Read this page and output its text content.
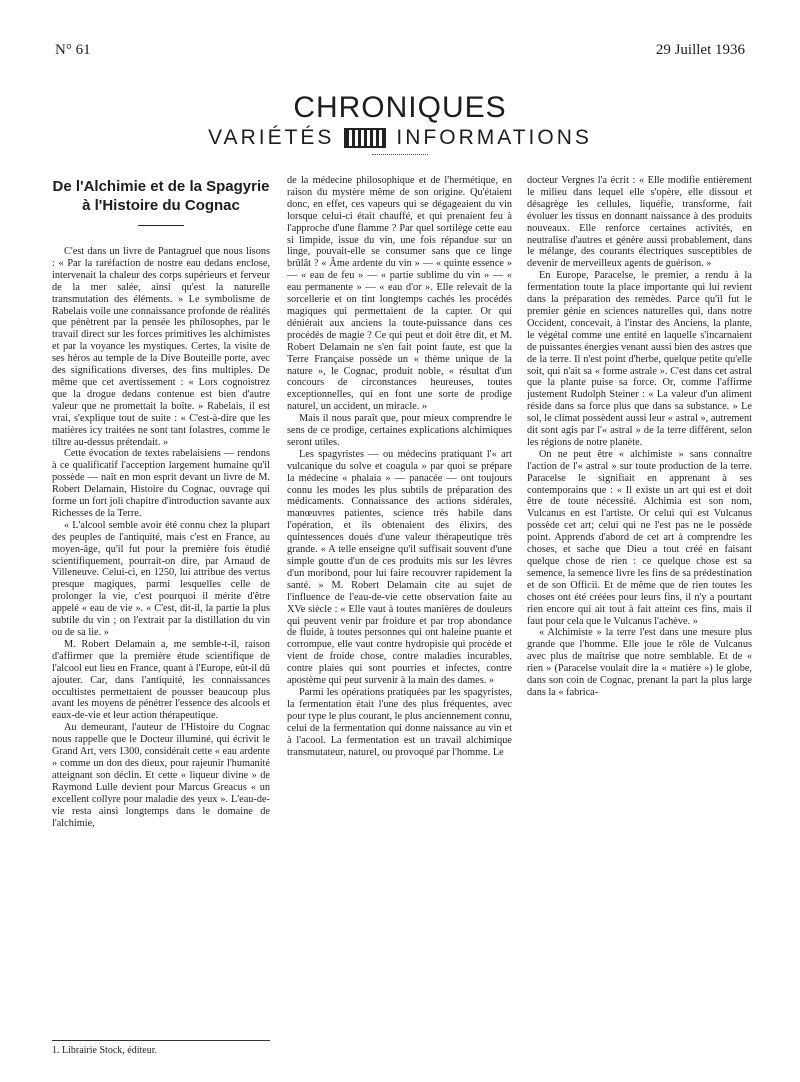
N° 61	29 Juillet 1936
CHRONIQUES
VARIÉTÉS	INFORMATIONS
De l'Alchimie et de la Spagyrie
à l'Histoire du Cognac

C'est dans un livre de Pantagruel que nous lisons : « Par la raréfaction de nostre eau dedans enclose, intervenait la chaleur des corps supérieurs et ferveur de la mer salée, ainsi qu'est la naturelle transmutation des éléments. » Le symbolisme de Rabelais voile une connaissance profonde de réalités que pénètrent par la pensée les philosophes, par le travail direct sur les forces primitives les alchimistes et par la voyance les mystiques. Certes, la visite de ses héros au temple de la Dive Bouteille porte, avec des significations diverses, des fins multiples. De même que cet avertissement : « Lors cognoistrez que la drogue dedans contenue est bien d'autre valeur que ne promettait la boîte. » Rabelais, il est vrai, s'explique tout de suite : « C'est-à-dire que les matières icy traitées ne sont tant folastres, comme le tiltre au-dessus prétendait. »

Cette évocation de textes rabelaisiens — rendons à ce qualificatif l'acception largement humaine qu'il possède — naît en mon esprit devant un livre de M. Robert Delamain, Histoire du Cognac, ouvrage qui forme un fort joli chapitre d'introduction savante aux Richesses de la Terre.

« L'alcool semble avoir été connu chez la plupart des peuples de l'antiquité, mais c'est en France, au moyen-âge, qu'il fut pour la première fois étudié scientifiquement, pourrait-on dire, par Arnaud de Villeneuve. Celui-ci, en 1250, lui attribue des vertus presque magiques, parmi lesquelles celle de prolonger la vie, c'est pourquoi il mérite d'être appelé « eau de vie ». « C'est, dit-il, la partie la plus subtile du vin ; on l'extrait par la distillation du vin ou de sa lie. »

M. Robert Delamain a, me semble-t-il, raison d'affirmer que la première étude scientifique de l'alcool eut lieu en France, quant à l'Europe, eût-il dû ajouter. Car, dans l'antiquité, les connaissances occultistes permettaient de pousser beaucoup plus avant les moyens de pénétrer l'essence des alcools et eaux-de-vie et leur action thérapeutique.

Au demeurant, l'auteur de l'Histoire du Cognac nous rappelle que le Docteur illuminé, qui écrivit le Grand Art, vers 1300, considérait cette « eau ardente » comme un don des dieux, pour rajeunir l'humanité atteignant son déclin. Et cette « liqueur divine » de Raymond Lulle devient pour Marcus Greacus « un excellent collyre pour maladie des yeux ». L'eau-de-vie resta ainsi longtemps dans le domaine de l'alchimie,

de la médecine philosophique et de l'hermétique, en raison du mystère même de son origine. Qu'étaient donc, en effet, ces vapeurs qui se dégageaient du vin lorsque celui-ci était chauffé, et qui prenaient feu à l'approche d'une flamme ? Par quel sortilège cette eau si limpide, issue du vin, une fois répandue sur un linge, pouvait-elle se consumer sans que ce linge brûlât ? « Âme ardente du vin » — « quinte essence » — « eau de feu » — « partie sublime du vin » — « eau permanente » — « eau d'or ». Elle relevait de la sorcellerie et on tint longtemps cachés les procédés magiques qui permettaient de la capter. Or qui déniérait aux anciens la toute-puissance dans ces procédés de magie ? Ce qui peut et doit être dit, et M. Robert Delamain ne s'en fait point faute, est que la Terre Française possède un « thème unique de la nature », le Cognac, produit noble, « résultat d'un concours de circonstances heureuses, toutes exceptionnelles, qui en font une sorte de prodige naturel, un accident, un miracle. »

Mais il nous paraît que, pour mieux comprendre le sens de ce prodige, certaines explications alchimiques seront utiles.

Les spagyristes — ou médecins pratiquant l'« art vulcanique du solve et coagula » par quoi se prépare la médecine « phalaia » — panacée — ont toujours connu les modes les plus subtils de préparation des médicaments. Connaissance des actions sidérales, manœuvres patientes, science très habile dans l'opération, et ils obtenaient des élixirs, des quintessences doués d'une valeur thérapeutique très grande. « A telle enseigne qu'il suffisait souvent d'une simple goutte d'un de ces produits mis sur les lèvres d'un moribond, pour lui faire recouvrer rapidement la santé. » M. Robert Delamain cite au sujet de l'influence de l'eau-de-vie cette observation faite au XVe siècle : « Elle vaut à toutes manières de douleurs qui peuvent venir par froidure et par trop abondance de fluide, à toutes personnes qui ont haleine puante et corrompue, elle vaut contre hydropisie qui procède et vient de froide chose, contre maladies incurables, contre plaies qui sont pourries et infectes, contre apostème qui peut survenir à la main des dames. »

Parmi les opérations pratiquées par les spagyristes, la fermentation était l'une des plus fréquentes, avec pour type le plus courant, le plus anciennement connu, celui de la fermentation qui donne naissance au vin et à l'acool. La fermentation est un travail alchimique transmutateur, naturel, ou provoqué par l'homme. Le

docteur Vergnes l'a écrit : « Elle modifie entièrement le milieu dans lequel elle s'opère, elle dissout et désagrège les cellules, liquéfie, transforme, fait évoluer les tissus en donnant naissance à des produits nouveaux. Elle renforce certaines activités, en neutralise d'autres et génère aussi probablement, dans le mélange, des courants électriques susceptibles de devenir de merveilleux agents de guérison. »

En Europe, Paracelse, le premier, a rendu à la fermentation toute la place importante qui lui revient dans la préparation des remèdes. Parce qu'il fut le premier génie en sciences naturelles qui, dans notre Occident, concevait, à l'instar des Anciens, la plante, le végétal comme une entité en laquelle s'incarnaient de puissantes énergies venant aussi bien des astres que de la terre. Il n'est point d'herbe, quelque petite qu'elle soit, qui n'ait sa « forme astrale ». C'est dans cet astral que la plante puise sa force. Or, comme l'affirme justement Rudolph Steiner : « La valeur d'un aliment réside dans sa force plus que dans sa substance. » Le sol, le climat possèdent aussi leur « astral », autrement dit sont agis par l'« astral » de la terre différent, selon les régions de notre planète.

On ne peut être « alchimiste » sans connaître l'action de l'« astral » sur toute production de la terre. Paracelse le signifiait en apprenant à ses contemporains que : « Il existe un art qui est et doit être de toute nécessité. Alchimia est son nom, Vulcanus en est l'artiste. Or celui qui est Vulcanus possède cet art; celui qui ne l'est pas ne le possède point. Apprends d'abord de cet art à comprendre les choses, et sache que Dieu a tout créé en faisant quelque chose de rien : ce quelque chose est sa semence, la semence livre les fins de sa prédestination et de son Officii. Et de même que de rien toutes les choses ont été créées pour leurs fins, il n'y a pourtant rien encore qui ait tout à fait atteint ces fins, mais il faut pour cela que le Vulcanus l'achève. »

« Alchimiste » la terre l'est dans une mesure plus grande que l'homme. Elle joue le rôle de Vulcanus avec plus de maîtrise que notre semblable. Et de « rien » (Paracelse voulait dire la « matière ») le globe, dans son coin de Cognac, prenant la part la plus large dans la « fabrica-

1. Librairie Stock, éditeur.
